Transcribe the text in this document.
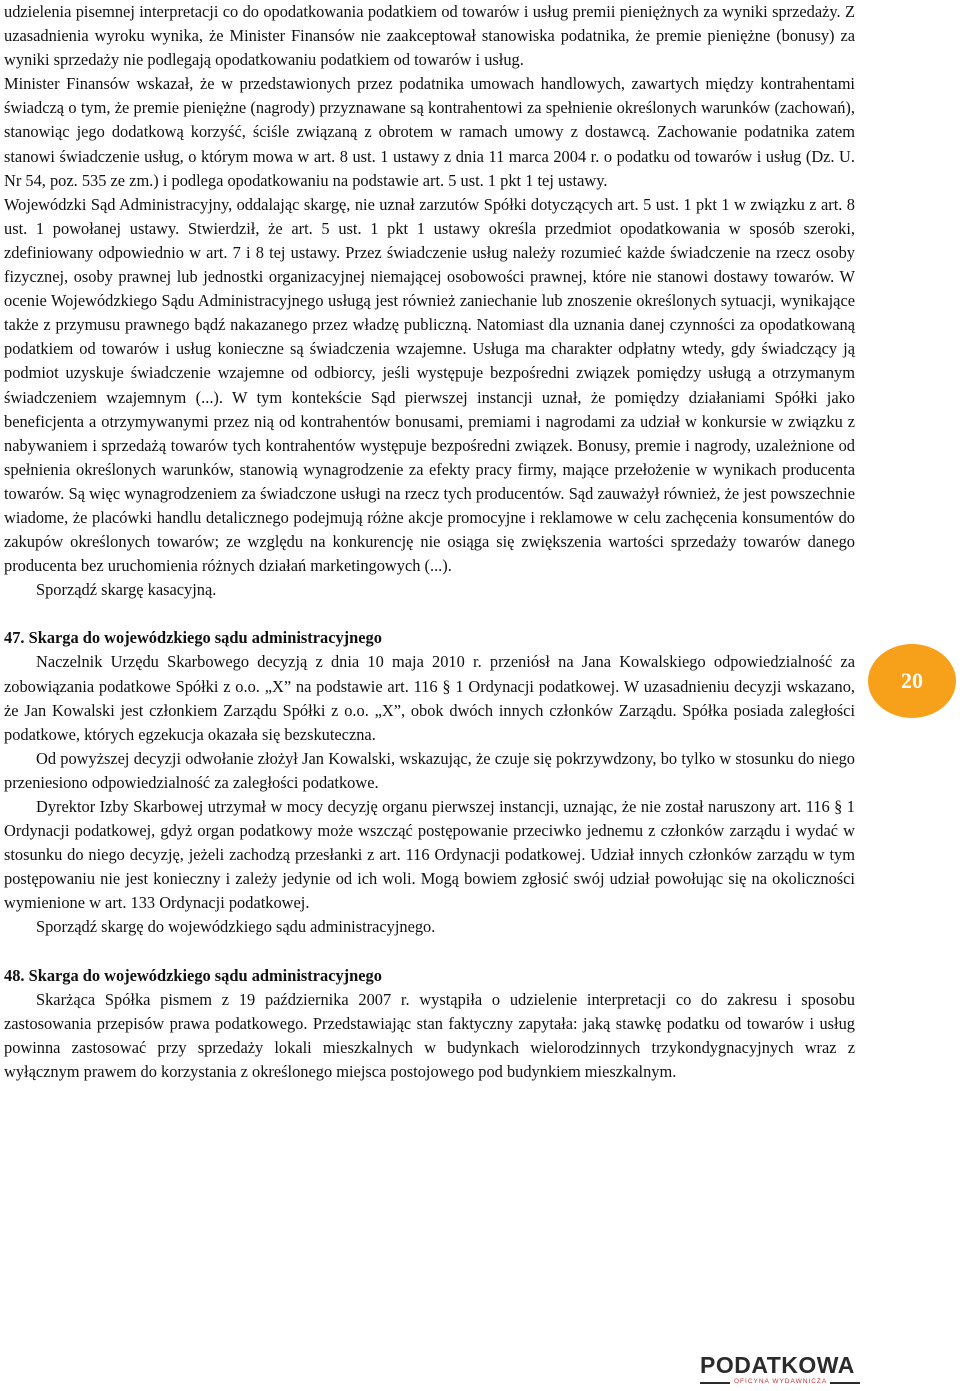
udzielenia pisemnej interpretacji co do opodatkowania podatkiem od towarów i usług premii pieniężnych za wyniki sprzedaży. Z uzasadnienia wyroku wynika, że Minister Finansów nie zaakceptował stanowiska podatnika, że premie pieniężne (bonusy) za wyniki sprzedaży nie podlegają opodatkowaniu podatkiem od towarów i usług.

Minister Finansów wskazał, że w przedstawionych przez podatnika umowach handlowych, zawartych między kontrahentami świadczą o tym, że premie pieniężne (nagrody) przyznawane są kontrahentowi za spełnienie określonych warunków (zachowań), stanowiąc jego dodatkową korzyść, ściśle związaną z obrotem w ramach umowy z dostawcą. Zachowanie podatnika zatem stanowi świadczenie usług, o którym mowa w art. 8 ust. 1 ustawy z dnia 11 marca 2004 r. o podatku od towarów i usług (Dz. U. Nr 54, poz. 535 ze zm.) i podlega opodatkowaniu na podstawie art. 5 ust. 1 pkt 1 tej ustawy.

Wojewódzki Sąd Administracyjny, oddalając skargę, nie uznał zarzutów Spółki dotyczących art. 5 ust. 1 pkt 1 w związku z art. 8 ust. 1 powołanej ustawy. Stwierdził, że art. 5 ust. 1 pkt 1 ustawy określa przedmiot opodatkowania w sposób szeroki, zdefiniowany odpowiednio w art. 7 i 8 tej ustawy. Przez świadczenie usług należy rozumieć każde świadczenie na rzecz osoby fizycznej, osoby prawnej lub jednostki organizacyjnej niemającej osobowości prawnej, które nie stanowi dostawy towarów. W ocenie Wojewódzkiego Sądu Administracyjnego usługą jest również zaniechanie lub znoszenie określonych sytuacji, wynikające także z przymusu prawnego bądź nakazanego przez władzę publiczną. Natomiast dla uznania danej czynności za opodatkowaną podatkiem od towarów i usług konieczne są świadczenia wzajemne. Usługa ma charakter odpłatny wtedy, gdy świadczący ją podmiot uzyskuje świadczenie wzajemne od odbiorcy, jeśli występuje bezpośredni związek pomiędzy usługą a otrzymanym świadczeniem wzajemnym (...). W tym kontekście Sąd pierwszej instancji uznał, że pomiędzy działaniami Spółki jako beneficjenta a otrzymywanymi przez nią od kontrahentów bonusami, premiami i nagrodami za udział w konkursie w związku z nabywaniem i sprzedażą towarów tych kontrahentów występuje bezpośredni związek. Bonusy, premie i nagrody, uzależnione od spełnienia określonych warunków, stanowią wynagrodzenie za efekty pracy firmy, mające przełożenie w wynikach producenta towarów. Są więc wynagrodzeniem za świadczone usługi na rzecz tych producentów. Sąd zauważył również, że jest powszechnie wiadome, że placówki handlu detalicznego podejmują różne akcje promocyjne i reklamowe w celu zachęcenia konsumentów do zakupów określonych towarów; ze względu na konkurencję nie osiąga się zwiększenia wartości sprzedaży towarów danego producenta bez uruchomienia różnych działań marketingowych (...).

Sporządź skargę kasacyjną.

47. Skarga do wojewódzkiego sądu administracyjnego

Naczelnik Urzędu Skarbowego decyzją z dnia 10 maja 2010 r. przeniósł na Jana Kowalskiego odpowiedzialność za zobowiązania podatkowe Spółki z o.o. „X” na podstawie art. 116 § 1 Ordynacji podatkowej. W uzasadnieniu decyzji wskazano, że Jan Kowalski jest członkiem Zarządu Spółki z o.o. „X”, obok dwóch innych członków Zarządu. Spółka posiada zaległości podatkowe, których egzekucja okazała się bezskuteczna.

Od powyższej decyzji odwołanie złożył Jan Kowalski, wskazując, że czuje się pokrzywdzony, bo tylko w stosunku do niego przeniesiono odpowiedzialność za zaległości podatkowe.

Dyrektor Izby Skarbowej utrzymał w mocy decyzję organu pierwszej instancji, uznając, że nie został naruszony art. 116 § 1 Ordynacji podatkowej, gdyż organ podatkowy może wszcząć postępowanie przeciwko jednemu z członków zarządu i wydać w stosunku do niego decyzję, jeżeli zachodzą przesłanki z art. 116 Ordynacji podatkowej. Udział innych członków zarządu w tym postępowaniu nie jest konieczny i zależy jedynie od ich woli. Mogą bowiem zgłosić swój udział powołując się na okoliczności wymienione w art. 133 Ordynacji podatkowej.

Sporządź skargę do wojewódzkiego sądu administracyjnego.

48. Skarga do wojewódzkiego sądu administracyjnego

Skarżąca Spółka pismem z 19 października 2007 r. wystąpiła o udzielenie interpretacji co do zakresu i sposobu zastosowania przepisów prawa podatkowego. Przedstawiając stan faktyczny zapytała: jaką stawkę podatku od towarów i usług powinna zastosować przy sprzedaży lokali mieszkalnych w budynkach wielorodzinnych trzykondygnacyjnych wraz z wyłącznym prawem do korzystania z określonego miejsca postojowego pod budynkiem mieszkalnym.

20
PODATKOWA
OFICYNA WYDAWNICZA
